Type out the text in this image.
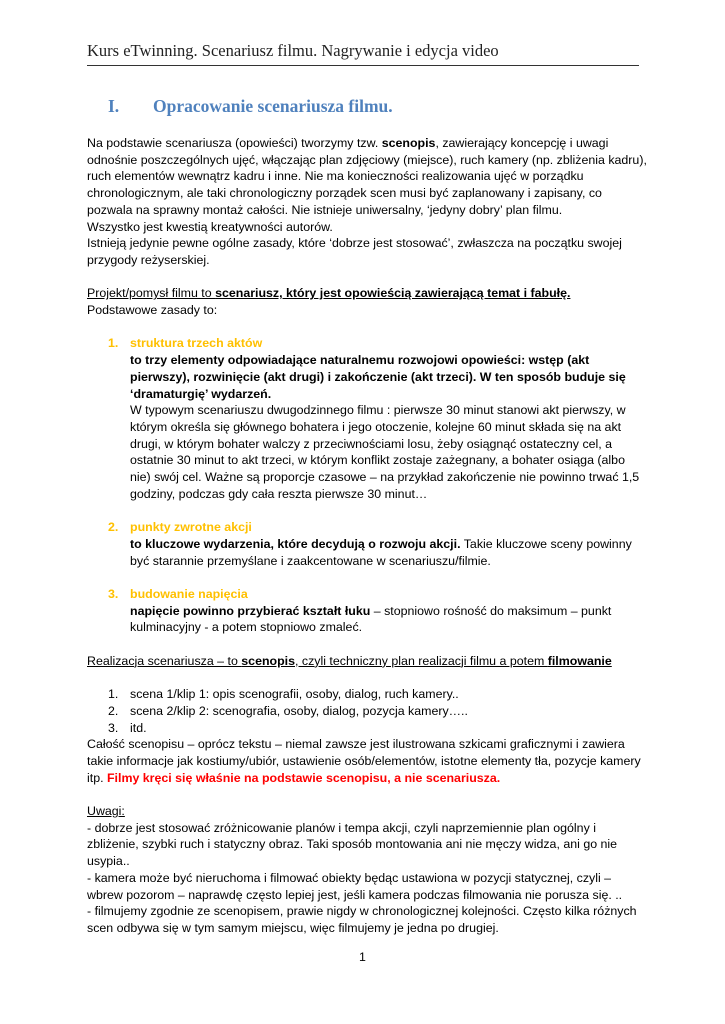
Kurs eTwinning. Scenariusz filmu. Nagrywanie i edycja video
I. Opracowanie scenariusza filmu.

Na podstawie scenariusza (opowieści) tworzymy tzw. scenopis, zawierający koncepcję i uwagi odnośnie poszczególnych ujęć, włączając plan zdjęciowy (miejsce), ruch kamery (np. zbliżenia kadru), ruch elementów wewnątrz kadru i inne. Nie ma konieczności realizowania ujęć w porządku chronologicznym, ale taki chronologiczny porządek scen musi być zaplanowany i zapisany, co pozwala na sprawny montaż całości. Nie istnieje uniwersalny, ‘jedyny dobry’ plan filmu.

Wszystko jest kwestią kreatywności autorów.

Istnieją jedynie pewne ogólne zasady, które ‘dobrze jest stosować’, zwłaszcza na początku swojej przygody reżyserskiej.

Projekt/pomysł filmu to scenariusz, który jest opowieścią zawierającą temat i fabułę.

Podstawowe zasady to:

1. struktura trzech aktów

to trzy elementy odpowiadające naturalnemu rozwojowi opowieści: wstęp (akt pierwszy), rozwinięcie (akt drugi) i zakończenie (akt trzeci). W ten sposób buduje się ‘dramaturgię’ wydarzeń.

W typowym scenariuszu dwugodzinnego filmu : pierwsze 30 minut stanowi akt pierwszy, w którym określa się głównego bohatera i jego otoczenie, kolejne 60 minut składa się na akt drugi, w którym bohater walczy z przeciwnościami losu, żeby osiągnąć ostateczny cel, a ostatnie 30 minut to akt trzeci, w którym konflikt zostaje zażegnany, a bohater osiąga (albo nie) swój cel. Ważne są proporcje czasowe – na przykład zakończenie nie powinno trwać 1,5 godziny, podczas gdy cała reszta pierwsze 30 minut…

2. punkty zwrotne akcji

to kluczowe wydarzenia, które decydują o rozwoju akcji. Takie kluczowe sceny powinny być starannie przemyślane i zaakcentowane w scenariuszu/filmie.

3. budowanie napięcia

napięcie powinno przybierać kształt łuku – stopniowo rośność do maksimum – punkt kulminacyjny - a potem stopniowo zmaleć.

Realizacja scenariusza – to scenopis, czyli techniczny plan realizacji filmu a potem filmowanie

1. scena 1/klip 1: opis scenografii, osoby, dialog, ruch kamery..
2. scena 2/klip 2: scenografia, osoby, dialog, pozycja kamery…..
3. itd.

Całość scenopisu – oprócz tekstu – niemal zawsze jest ilustrowana szkicami graficznymi i zawiera takie informacje jak kostiumy/ubiór, ustawienie osób/elementów, istotne elementy tła, pozycje kamery itp. Filmy kręci się właśnie na podstawie scenopisu, a nie scenariusza.

Uwagi:

- dobrze jest stosować zróżnicowanie planów i tempa akcji, czyli naprzemiennie plan ogólny i zbliżenie, szybki ruch i statyczny obraz. Taki sposób montowania ani nie męczy widza, ani go nie usypia..

- kamera może być nieruchoma i filmować obiekty będąc ustawiona w pozycji statycznej, czyli – wbrew pozorom – naprawdę często lepiej jest, jeśli kamera podczas filmowania nie porusza się. ..

- filmujemy zgodnie ze scenopisem, prawie nigdy w chronologicznej kolejności. Często kilka różnych scen odbywa się w tym samym miejscu, więc filmujemy je jedna po drugiej.

1
